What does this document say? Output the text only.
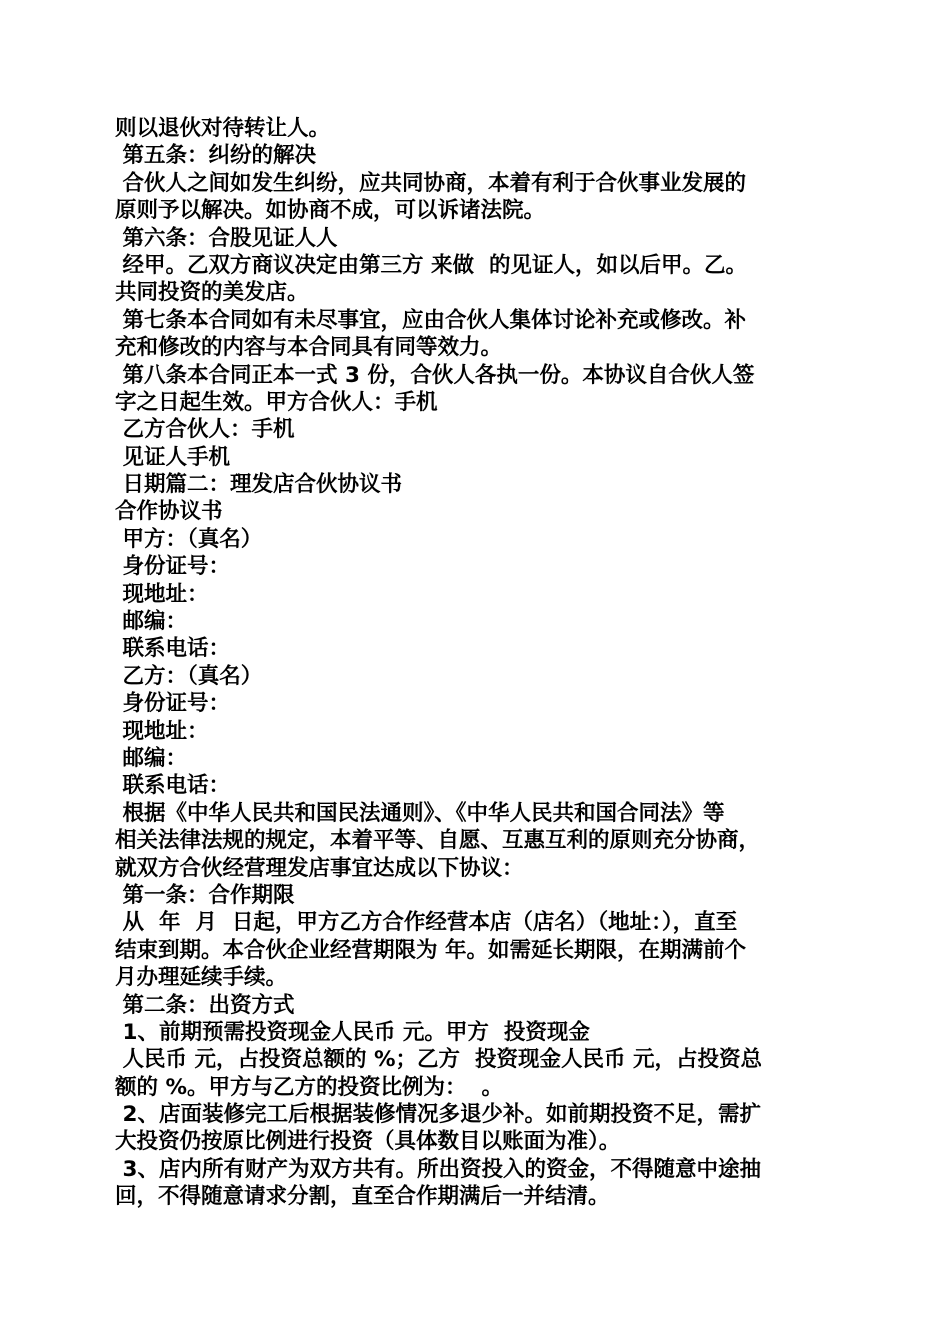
则以退伙对待转让人。
第五条：纠纷的解决
合伙人之间如发生纠纷，应共同协商，本着有利于合伙事业发展的
原则予以解决。如协商不成，可以诉诸法院。
第六条：合股见证人人
经甲。乙双方商议决定由第三方 来做  的见证人，如以后甲。乙。
共同投资的美发店。
第七条本合同如有未尽事宜，应由合伙人集体讨论补充或修改。补
充和修改的内容与本合同具有同等效力。
第八条本合同正本一式 3 份，合伙人各执一份。本协议自合伙人签
字之日起生效。甲方合伙人：手机
乙方合伙人：手机
见证人手机
日期篇二：理发店合伙协议书
合作协议书
甲方：（真名）
身份证号：
现地址：
邮编：
联系电话：
乙方：（真名）
身份证号：
现地址：
邮编：
联系电话：
根据《中华人民共和国民法通则》、《中华人民共和国合同法》等
相关法律法规的规定，本着平等、自愿、互惠互利的原则充分协商，
就双方合伙经营理发店事宜达成以下协议：
第一条：合作期限
从  年  月  日起，甲方乙方合作经营本店（店名）（地址：），直至
结束到期。本合伙企业经营期限为 年。如需延长期限，在期满前个
月办理延续手续。
第二条：出资方式
1、前期预需投资现金人民币 元。甲方  投资现金
人民币 元，占投资总额的 %；乙方  投资现金人民币 元，占投资总
额的 %。甲方与乙方的投资比例为：  。
2、店面装修完工后根据装修情况多退少补。如前期投资不足，需扩
大投资仍按原比例进行投资（具体数目以账面为准）。
3、店内所有财产为双方共有。所出资投入的资金，不得随意中途抽
回，不得随意请求分割，直至合作期满后一并结清。
